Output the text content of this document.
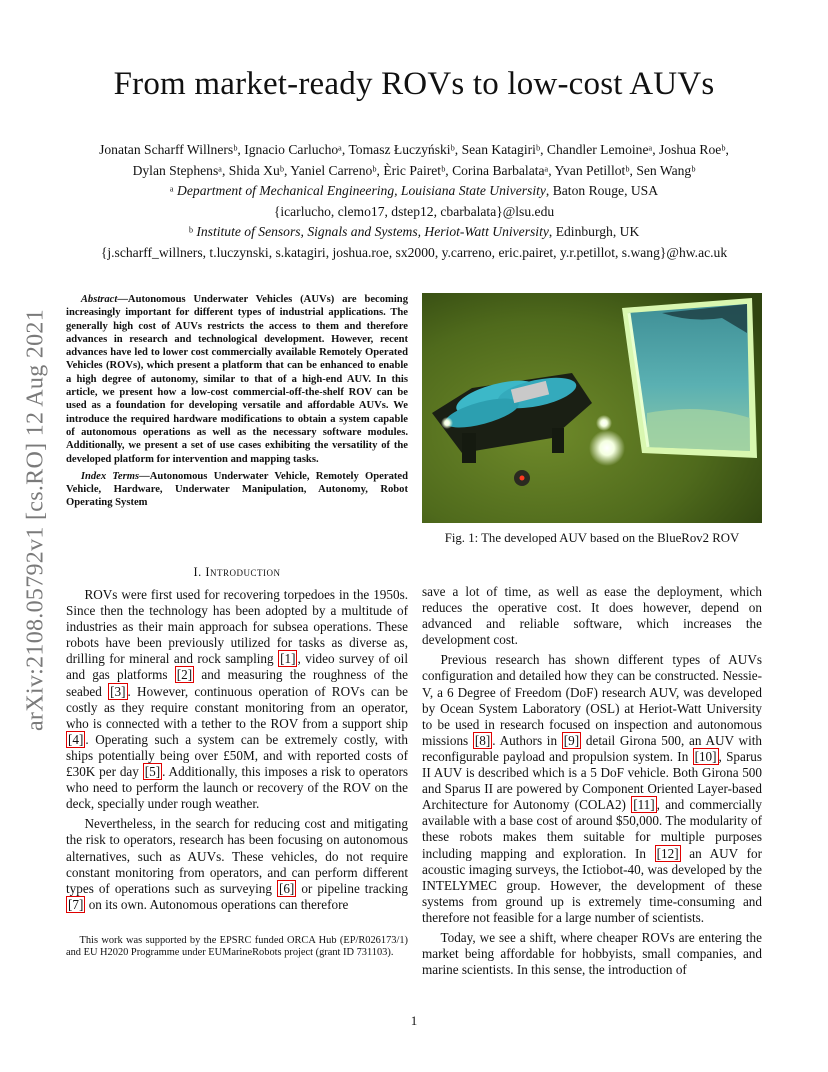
From market-ready ROVs to low-cost AUVs
Jonatan Scharff Willnersᵇ, Ignacio Carluchoᵃ, Tomasz Łuczyńskiᵇ, Sean Katagiriᵇ, Chandler Lemoineᵃ, Joshua Roeᵇ,
Dylan Stephensᵃ, Shida Xuᵇ, Yaniel Carrenoᵇ, Èric Pairetᵇ, Corina Barbalataᵃ, Yvan Petillotᵇ, Sen Wangᵇ
ᵃ Department of Mechanical Engineering, Louisiana State University, Baton Rouge, USA
{icarlucho, clemo17, dstep12, cbarbalata}@lsu.edu
ᵇ Institute of Sensors, Signals and Systems, Heriot-Watt University, Edinburgh, UK
{j.scharff_willners, t.luczynski, s.katagiri, joshua.roe, sx2000, y.carreno, eric.pairet, y.r.petillot, s.wang}@hw.ac.uk
arXiv:2108.05792v1 [cs.RO] 12 Aug 2021

Abstract—Autonomous Underwater Vehicles (AUVs) are becoming increasingly important for different types of industrial applications. The generally high cost of AUVs restricts the access to them and therefore advances in research and technological development. However, recent advances have led to lower cost commercially available Remotely Operated Vehicles (ROVs), which present a platform that can be enhanced to enable a high degree of autonomy, similar to that of a high-end AUV. In this article, we present how a low-cost commercial-off-the-shelf ROV can be used as a foundation for developing versatile and affordable AUVs. We introduce the required hardware modifications to obtain a system capable of autonomous operations as well as the necessary software modules. Additionally, we present a set of use cases exhibiting the versatility of the developed platform for intervention and mapping tasks.

Index Terms—Autonomous Underwater Vehicle, Remotely Operated Vehicle, Hardware, Underwater Manipulation, Autonomy, Robot Operating System

Fig. 1: The developed AUV based on the BlueRov2 ROV
I. Introduction

ROVs were first used for recovering torpedoes in the 1950s. Since then the technology has been adopted by a multitude of industries as their main approach for subsea operations. These robots have been previously utilized for tasks as diverse as, drilling for mineral and rock sampling [1] , video survey of oil and gas platforms [2] and measuring the roughness of the seabed [3] . However, continuous operation of ROVs can be costly as they require constant monitoring from an operator, who is connected with a tether to the ROV from a support ship [4] . Operating such a system can be extremely costly, with ships potentially being over £50M, and with reported costs of £30K per day [5] . Additionally, this imposes a risk to operators who need to perform the launch or recovery of the ROV on the deck, specially under rough weather.

Nevertheless, in the search for reducing cost and mitigating the risk to operators, research has been focusing on autonomous alternatives, such as AUVs. These vehicles, do not require constant monitoring from operators, and can perform different types of operations such as surveying [6] or pipeline tracking [7] on its own. Autonomous operations can therefore

This work was supported by the EPSRC funded ORCA Hub (EP/R026173/1) and EU H2020 Programme under EUMarineRobots project (grant ID 731103).

save a lot of time, as well as ease the deployment, which reduces the operative cost. It does however, depend on advanced and reliable software, which increases the development cost.

Previous research has shown different types of AUVs configuration and detailed how they can be constructed. Nessie-V, a 6 Degree of Freedom (DoF) research AUV, was developed by Ocean System Laboratory (OSL) at Heriot-Watt University to be used in research focused on inspection and autonomous missions [8] . Authors in [9] detail Girona 500, an AUV with reconfigurable payload and propulsion system. In [10] , Sparus II AUV is described which is a 5 DoF vehicle. Both Girona 500 and Sparus II are powered by Component Oriented Layer-based Architecture for Autonomy (COLA2) [11] , and commercially available with a base cost of around $50,000. The modularity of these robots makes them suitable for multiple purposes including mapping and exploration. In [12] an AUV for acoustic imaging surveys, the Ictiobot-40, was developed by the INTELYMEC group. However, the development of these systems from ground up is extremely time-consuming and therefore not feasible for a large number of scientists.

Today, we see a shift, where cheaper ROVs are entering the market being affordable for hobbyists, small companies, and marine scientists. In this sense, the introduction of

1
